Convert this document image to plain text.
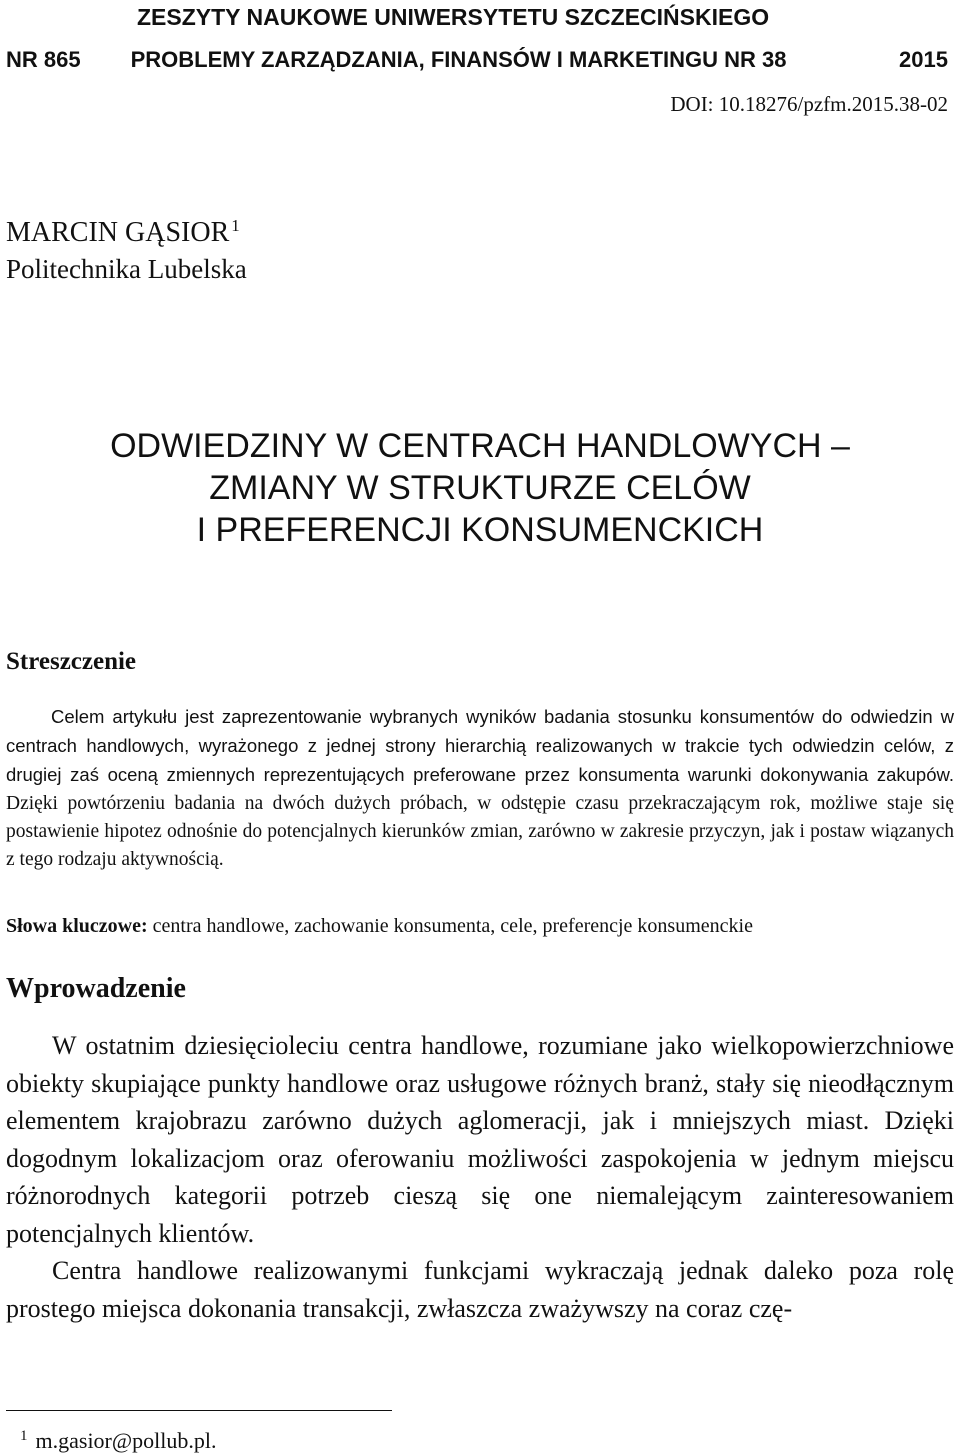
ZESZYTY NAUKOWE UNIWERSYTETU SZCZECIŃSKIEGO
NR 865	PROBLEMY ZARZĄDZANIA, FINANSÓW I MARKETINGU NR 38	2015
DOI: 10.18276/pzfm.2015.38-02
MARCIN GĄSIOR $^1$
Politechnika Lubelska
ODWIEDZINY W CENTRACH HANDLOWYCH –
ZMIANY W STRUKTURZE CELÓW
I PREFERENCJI KONSUMENCKICH
Streszczenie
Celem artykułu jest zaprezentowanie wybranych wyników badania stosunku konsumentów do odwiedzin w centrach handlowych, wyrażonego z jednej strony hierarchią realizowanych w trakcie tych odwiedzin celów, z drugiej zaś oceną zmiennych reprezentujących preferowane przez konsumenta warunki dokonywania zakupów. Dzięki powtórzeniu badania na dwóch dużych próbach, w odstępie czasu przekraczającym rok, możliwe staje się postawienie hipotez odnośnie do potencjalnych kierunków zmian, zarówno w zakresie przyczyn, jak i postaw wiązanych z tego rodzaju aktywnością.
Słowa kluczowe: centra handlowe, zachowanie konsumenta, cele, preferencje konsumenckie
Wprowadzenie

W ostatnim dziesięcioleciu centra handlowe, rozumiane jako wielkopowierzchniowe obiekty skupiające punkty handlowe oraz usługowe różnych branż, stały się nieodłącznym elementem krajobrazu zarówno dużych aglomeracji, jak i mniejszych miast. Dzięki dogodnym lokalizacjom oraz oferowaniu możliwości zaspokojenia w jednym miejscu różnorodnych kategorii potrzeb cieszą się one niemalejącym zainteresowaniem potencjalnych klientów.

Centra handlowe realizowanymi funkcjami wykraczają jednak daleko poza rolę prostego miejsca dokonania transakcji, zwłaszcza zważywszy na coraz czę-

$^1$ m.gasior@pollub.pl.
